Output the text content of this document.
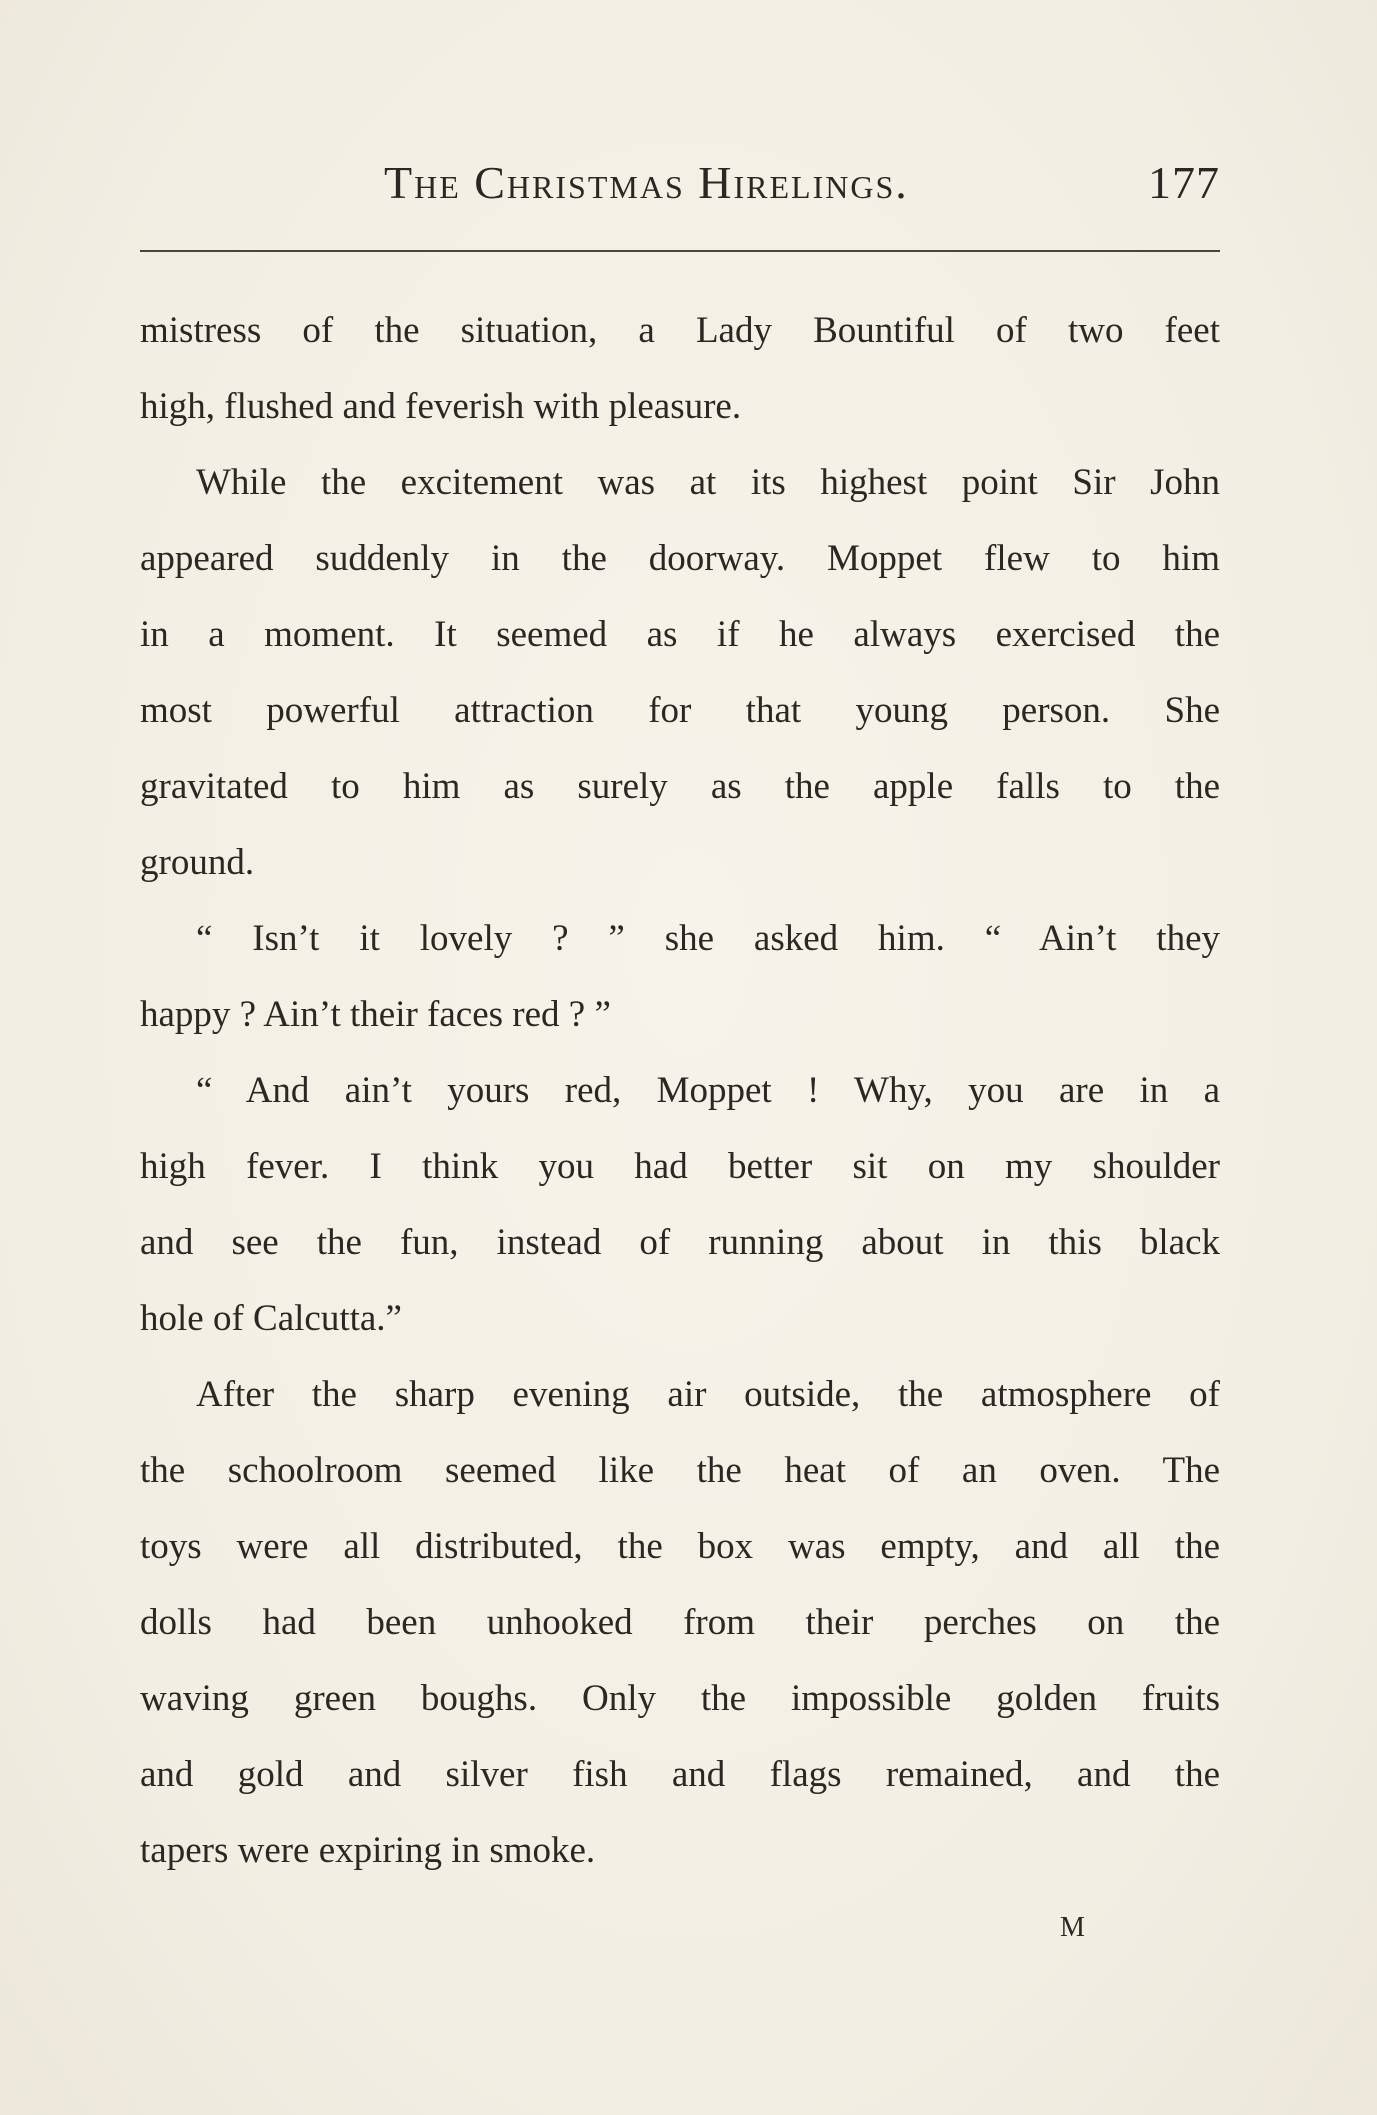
The Christmas Hirelings.	177
mistress of the situation, a Lady Bountiful of two feet
high, flushed and feverish with pleasure.
While the excitement was at its highest point Sir John
appeared suddenly in the doorway. Moppet flew to him
in a moment. It seemed as if he always exercised the
most powerful attraction for that young person. She
gravitated to him as surely as the apple falls to the
ground.
“ Isn’t it lovely ? ” she asked him. “ Ain’t they
happy ? Ain’t their faces red ? ”
“ And ain’t yours red, Moppet ! Why, you are in a
high fever. I think you had better sit on my shoulder
and see the fun, instead of running about in this black
hole of Calcutta.”
After the sharp evening air outside, the atmosphere of
the schoolroom seemed like the heat of an oven. The
toys were all distributed, the box was empty, and all the
dolls had been unhooked from their perches on the
waving green boughs. Only the impossible golden fruits
and gold and silver fish and flags remained, and the
tapers were expiring in smoke.
M
